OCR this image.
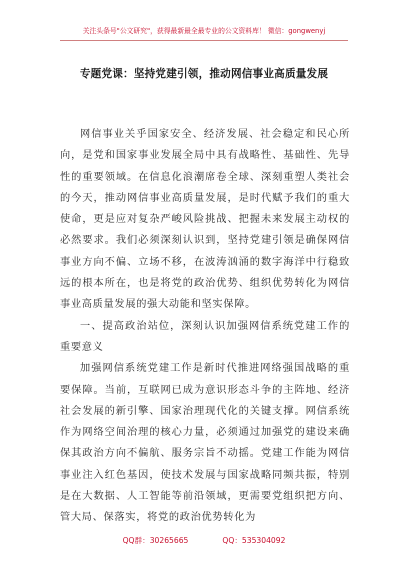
关注头条号"公文研究"，获得最新最全最专业的公文资料库！ 微信：gongwenyj
专题党课：坚持党建引领，推动网信事业高质量发展

网信事业关乎国家安全、经济发展、社会稳定和民心所向，是党和国家事业发展全局中具有战略性、基础性、先导性的重要领域。在信息化浪潮席卷全球、深刻重塑人类社会的今天，推动网信事业高质量发展，是时代赋予我们的重大使命，更是应对复杂严峻风险挑战、把握未来发展主动权的必然要求。我们必须深刻认识到，坚持党建引领是确保网信事业方向不偏、立场不移，在波涛汹涌的数字海洋中行稳致远的根本所在，也是将党的政治优势、组织优势转化为网信事业高质量发展的强大动能和坚实保障。

一、提高政治站位，深刻认识加强网信系统党建工作的重要意义

加强网信系统党建工作是新时代推进网络强国战略的重要保障。当前，互联网已成为意识形态斗争的主阵地、经济社会发展的新引擎、国家治理现代化的关键支撑。网信系统作为网络空间治理的核心力量，必须通过加强党的建设来确保其政治方向不偏航、服务宗旨不动摇。党建工作能为网信事业注入红色基因，使技术发展与国家战略同频共振，特别是在大数据、人工智能等前沿领域，更需要党组织把方向、管大局、保落实，将党的政治优势转化为

QQ群：30265665	QQ：535304092
